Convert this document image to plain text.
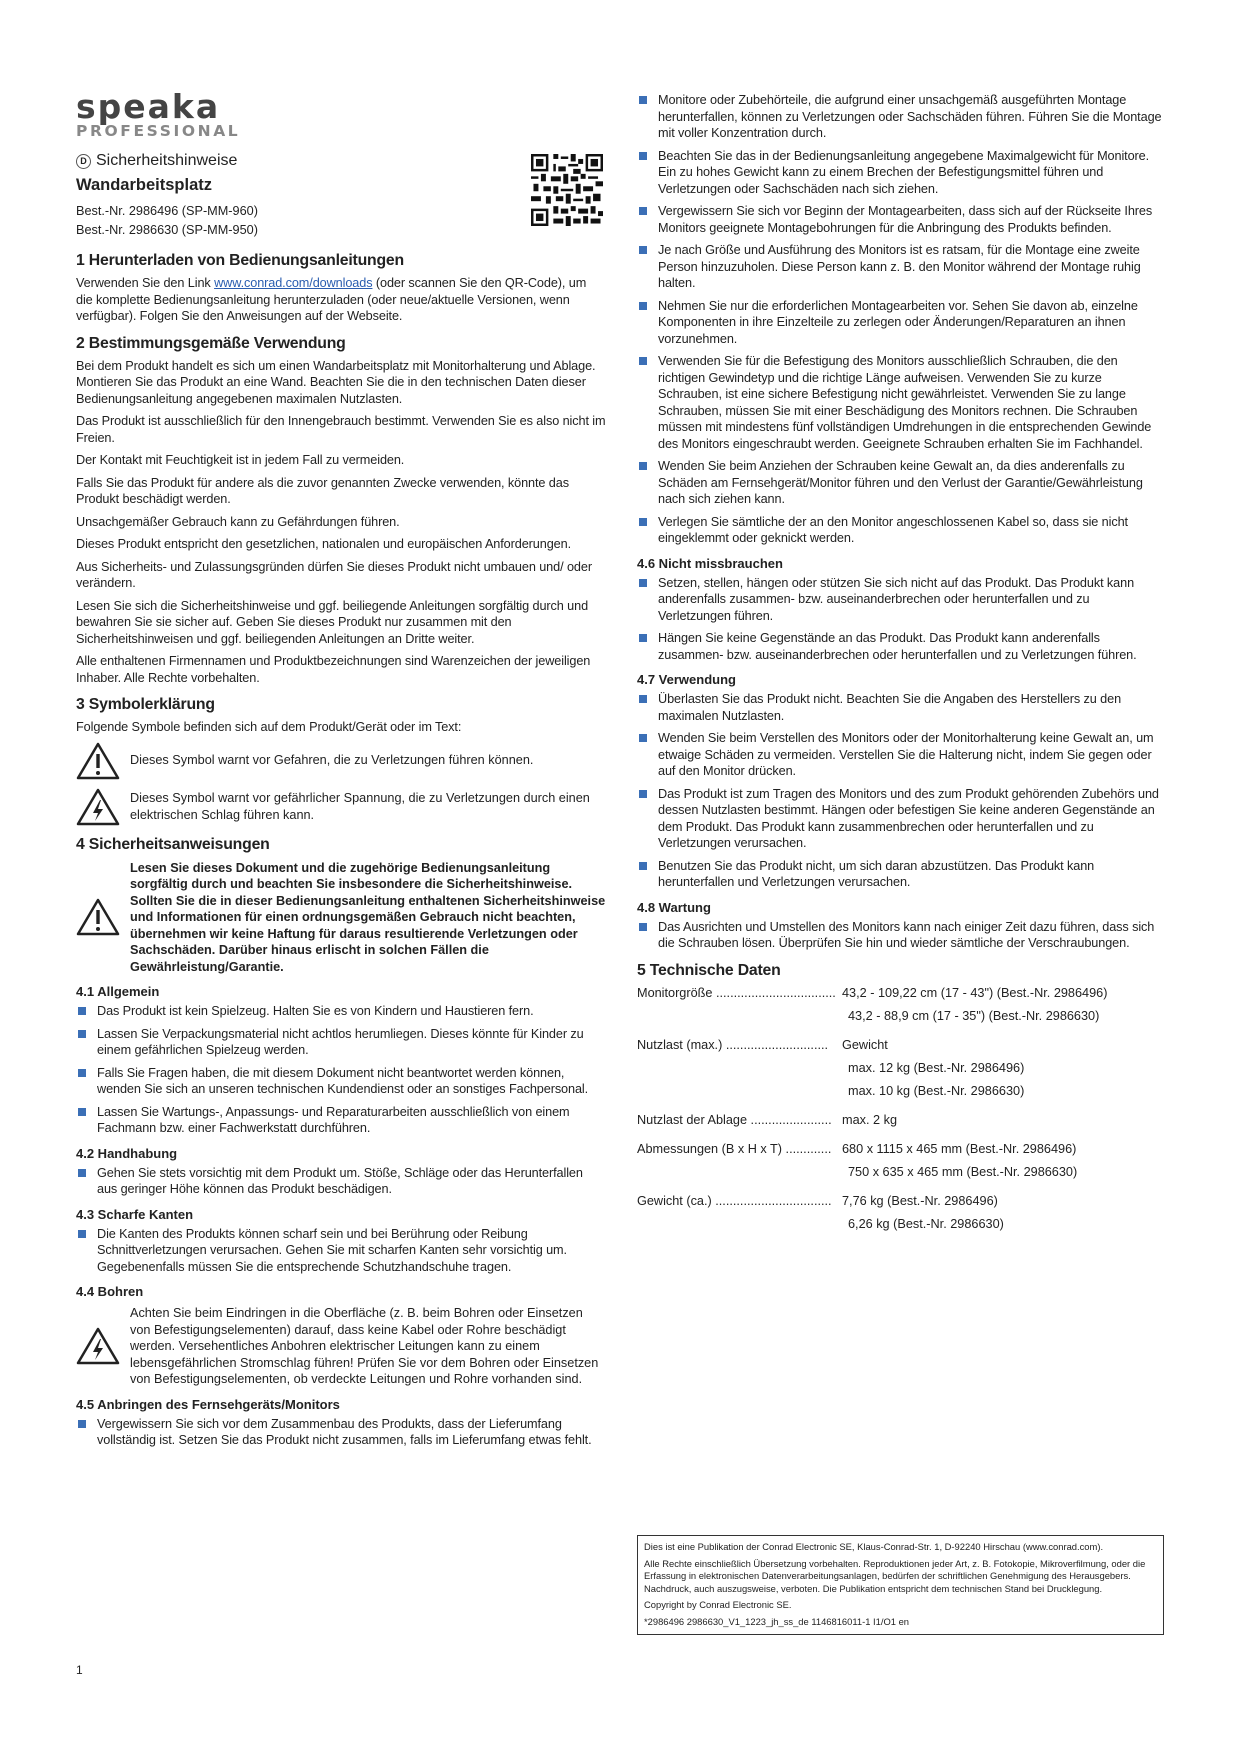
speaka
PROFESSIONAL
D Sicherheitshinweise
Wandarbeitsplatz
Best.-Nr. 2986496 (SP-MM-960)
Best.-Nr. 2986630 (SP-MM-950)
1 Herunterladen von Bedienungsanleitungen
Verwenden Sie den Link www.conrad.com/downloads (oder scannen Sie den QR-Code), um die komplette Bedienungsanleitung herunterzuladen (oder neue/aktuelle Versionen, wenn verfügbar). Folgen Sie den Anweisungen auf der Webseite.
2 Bestimmungsgemäße Verwendung
Bei dem Produkt handelt es sich um einen Wandarbeitsplatz mit Monitorhalterung und Ablage. Montieren Sie das Produkt an eine Wand. Beachten Sie die in den technischen Daten dieser Bedienungsanleitung angegebenen maximalen Nutzlasten.
Das Produkt ist ausschließlich für den Innengebrauch bestimmt. Verwenden Sie es also nicht im Freien.
Der Kontakt mit Feuchtigkeit ist in jedem Fall zu vermeiden.
Falls Sie das Produkt für andere als die zuvor genannten Zwecke verwenden, könnte das Produkt beschädigt werden.
Unsachgemäßer Gebrauch kann zu Gefährdungen führen.
Dieses Produkt entspricht den gesetzlichen, nationalen und europäischen Anforderungen.
Aus Sicherheits- und Zulassungsgründen dürfen Sie dieses Produkt nicht umbauen und/ oder verändern.
Lesen Sie sich die Sicherheitshinweise und ggf. beiliegende Anleitungen sorgfältig durch und bewahren Sie sie sicher auf. Geben Sie dieses Produkt nur zusammen mit den Sicherheitshinweisen und ggf. beiliegenden Anleitungen an Dritte weiter.
Alle enthaltenen Firmennamen und Produktbezeichnungen sind Warenzeichen der jeweiligen Inhaber. Alle Rechte vorbehalten.
3 Symbolerklärung
Folgende Symbole befinden sich auf dem Produkt/Gerät oder im Text:
Dieses Symbol warnt vor Gefahren, die zu Verletzungen führen können.
Dieses Symbol warnt vor gefährlicher Spannung, die zu Verletzungen durch einen elektrischen Schlag führen kann.
4 Sicherheitsanweisungen
Lesen Sie dieses Dokument und die zugehörige Bedienungsanleitung sorgfältig durch und beachten Sie insbesondere die Sicherheitshinweise. Sollten Sie die in dieser Bedienungsanleitung enthaltenen Sicherheitshinweise und Informationen für einen ordnungsgemäßen Gebrauch nicht beachten, übernehmen wir keine Haftung für daraus resultierende Verletzungen oder Sachschäden. Darüber hinaus erlischt in solchen Fällen die Gewährleistung/Garantie.
4.1 Allgemein
Das Produkt ist kein Spielzeug. Halten Sie es von Kindern und Haustieren fern.
Lassen Sie Verpackungsmaterial nicht achtlos herumliegen. Dieses könnte für Kinder zu einem gefährlichen Spielzeug werden.
Falls Sie Fragen haben, die mit diesem Dokument nicht beantwortet werden können, wenden Sie sich an unseren technischen Kundendienst oder an sonstiges Fachpersonal.
Lassen Sie Wartungs-, Anpassungs- und Reparaturarbeiten ausschließlich von einem Fachmann bzw. einer Fachwerkstatt durchführen.
4.2 Handhabung
Gehen Sie stets vorsichtig mit dem Produkt um. Stöße, Schläge oder das Herunterfallen aus geringer Höhe können das Produkt beschädigen.
4.3 Scharfe Kanten
Die Kanten des Produkts können scharf sein und bei Berührung oder Reibung Schnittverletzungen verursachen. Gehen Sie mit scharfen Kanten sehr vorsichtig um. Gegebenenfalls müssen Sie die entsprechende Schutzhandschuhe tragen.
4.4 Bohren
Achten Sie beim Eindringen in die Oberfläche (z. B. beim Bohren oder Einsetzen von Befestigungselementen) darauf, dass keine Kabel oder Rohre beschädigt werden. Versehentliches Anbohren elektrischer Leitungen kann zu einem lebensgefährlichen Stromschlag führen! Prüfen Sie vor dem Bohren oder Einsetzen von Befestigungselementen, ob verdeckte Leitungen und Rohre vorhanden sind.
4.5 Anbringen des Fernsehgeräts/Monitors
Vergewissern Sie sich vor dem Zusammenbau des Produkts, dass der Lieferumfang vollständig ist. Setzen Sie das Produkt nicht zusammen, falls im Lieferumfang etwas fehlt.
Monitore oder Zubehörteile, die aufgrund einer unsachgemäß ausgeführten Montage herunterfallen, können zu Verletzungen oder Sachschäden führen. Führen Sie die Montage mit voller Konzentration durch.
Beachten Sie das in der Bedienungsanleitung angegebene Maximalgewicht für Monitore. Ein zu hohes Gewicht kann zu einem Brechen der Befestigungsmittel führen und Verletzungen oder Sachschäden nach sich ziehen.
Vergewissern Sie sich vor Beginn der Montagearbeiten, dass sich auf der Rückseite Ihres Monitors geeignete Montagebohrungen für die Anbringung des Produkts befinden.
Je nach Größe und Ausführung des Monitors ist es ratsam, für die Montage eine zweite Person hinzuzuholen. Diese Person kann z. B. den Monitor während der Montage ruhig halten.
Nehmen Sie nur die erforderlichen Montagearbeiten vor. Sehen Sie davon ab, einzelne Komponenten in ihre Einzelteile zu zerlegen oder Änderungen/Reparaturen an ihnen vorzunehmen.
Verwenden Sie für die Befestigung des Monitors ausschließlich Schrauben, die den richtigen Gewindetyp und die richtige Länge aufweisen. Verwenden Sie zu kurze Schrauben, ist eine sichere Befestigung nicht gewährleistet. Verwenden Sie zu lange Schrauben, müssen Sie mit einer Beschädigung des Monitors rechnen. Die Schrauben müssen mit mindestens fünf vollständigen Umdrehungen in die entsprechenden Gewinde des Monitors eingeschraubt werden. Geeignete Schrauben erhalten Sie im Fachhandel.
Wenden Sie beim Anziehen der Schrauben keine Gewalt an, da dies anderenfalls zu Schäden am Fernsehgerät/Monitor führen und den Verlust der Garantie/Gewährleistung nach sich ziehen kann.
Verlegen Sie sämtliche der an den Monitor angeschlossenen Kabel so, dass sie nicht eingeklemmt oder geknickt werden.
4.6 Nicht missbrauchen
Setzen, stellen, hängen oder stützen Sie sich nicht auf das Produkt. Das Produkt kann anderenfalls zusammen- bzw. auseinanderbrechen oder herunterfallen und zu Verletzungen führen.
Hängen Sie keine Gegenstände an das Produkt. Das Produkt kann anderenfalls zusammen- bzw. auseinanderbrechen oder herunterfallen und zu Verletzungen führen.
4.7 Verwendung
Überlasten Sie das Produkt nicht. Beachten Sie die Angaben des Herstellers zu den maximalen Nutzlasten.
Wenden Sie beim Verstellen des Monitors oder der Monitorhalterung keine Gewalt an, um etwaige Schäden zu vermeiden. Verstellen Sie die Halterung nicht, indem Sie gegen oder auf den Monitor drücken.
Das Produkt ist zum Tragen des Monitors und des zum Produkt gehörenden Zubehörs und dessen Nutzlasten bestimmt. Hängen oder befestigen Sie keine anderen Gegenstände an dem Produkt. Das Produkt kann zusammenbrechen oder herunterfallen und zu Verletzungen verursachen.
Benutzen Sie das Produkt nicht, um sich daran abzustützen. Das Produkt kann herunterfallen und Verletzungen verursachen.
4.8 Wartung
Das Ausrichten und Umstellen des Monitors kann nach einiger Zeit dazu führen, dass sich die Schrauben lösen. Überprüfen Sie hin und wieder sämtliche der Verschraubungen.
5 Technische Daten
Monitorgröße .................................. 43,2 - 109,22 cm (17 - 43") (Best.-Nr. 2986496)
43,2 - 88,9 cm (17 - 35") (Best.-Nr. 2986630)
Nutzlast (max.) .............................	Gewicht
max. 12 kg (Best.-Nr. 2986496)
max. 10 kg (Best.-Nr. 2986630)
Nutzlast der Ablage ....................... max. 2 kg
Abmessungen (B x H x T) ............. 680 x 1115 x 465 mm (Best.-Nr. 2986496)
750 x 635 x 465 mm (Best.-Nr. 2986630)
Gewicht (ca.) ................................. 7,76 kg (Best.-Nr. 2986496)
6,26 kg (Best.-Nr. 2986630)
Dies ist eine Publikation der Conrad Electronic SE, Klaus-Conrad-Str. 1, D-92240 Hirschau (www.conrad.com).
Alle Rechte einschließlich Übersetzung vorbehalten. Reproduktionen jeder Art, z. B. Fotokopie, Mikroverfilmung, oder die Erfassung in elektronischen Datenverarbeitungsanlagen, bedürfen der schriftlichen Genehmigung des Herausgebers. Nachdruck, auch auszugsweise, verboten. Die Publikation entspricht dem technischen Stand bei Drucklegung.
Copyright by Conrad Electronic SE.
*2986496 2986630_V1_1223_jh_ss_de 1146816011-1 I1/O1 en
1
